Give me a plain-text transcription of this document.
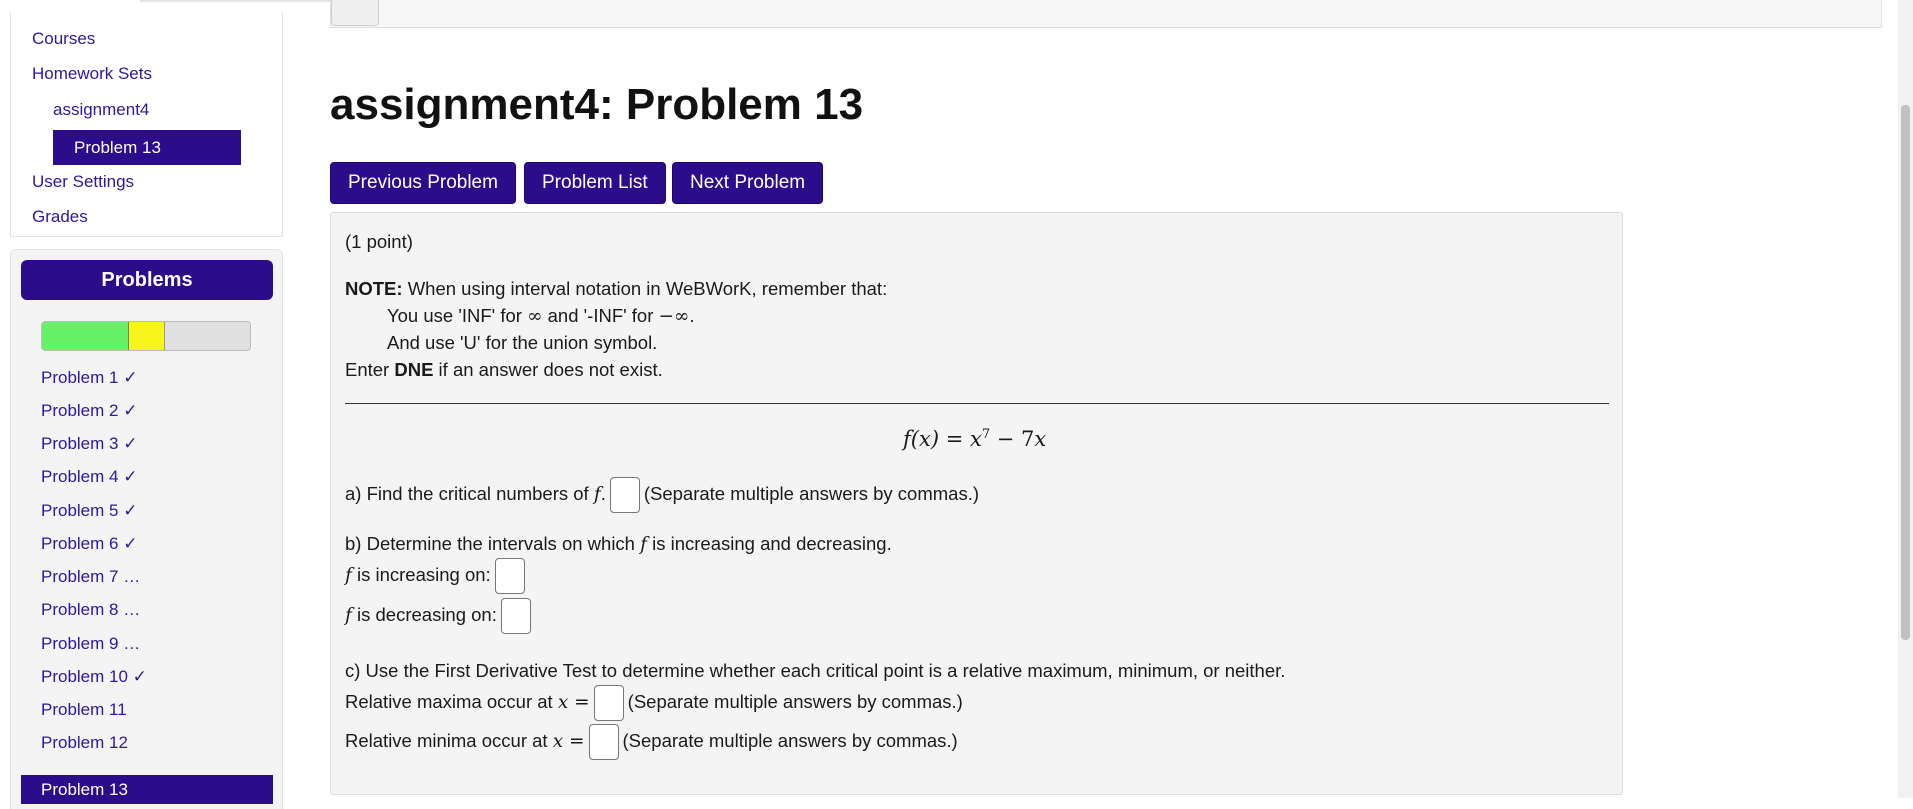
Courses
Homework Sets
assignment4
Problem 13
User Settings
Grades
Problems
Problem 1 ✓
Problem 2 ✓
Problem 3 ✓
Problem 4 ✓
Problem 5 ✓
Problem 6 ✓
Problem 7 …
Problem 8 …
Problem 9 …
Problem 10 ✓
Problem 11
Problem 12
Problem 13
assignment4: Problem 13
Previous Problem	Problem List	Next Problem
(1 point)
NOTE: When using interval notation in WeBWorK, remember that:
You use 'INF' for ∞ and '-INF' for −∞.
And use 'U' for the union symbol.
Enter DNE if an answer does not exist.
$f(x) = x^7 - 7x$
a) Find the critical numbers of f. (Separate multiple answers by commas.)
b) Determine the intervals on which f is increasing and decreasing.
f is increasing on:
f is decreasing on:
c) Use the First Derivative Test to determine whether each critical point is a relative maximum, minimum, or neither.
Relative maxima occur at x = (Separate multiple answers by commas.)
Relative minima occur at x = (Separate multiple answers by commas.)
